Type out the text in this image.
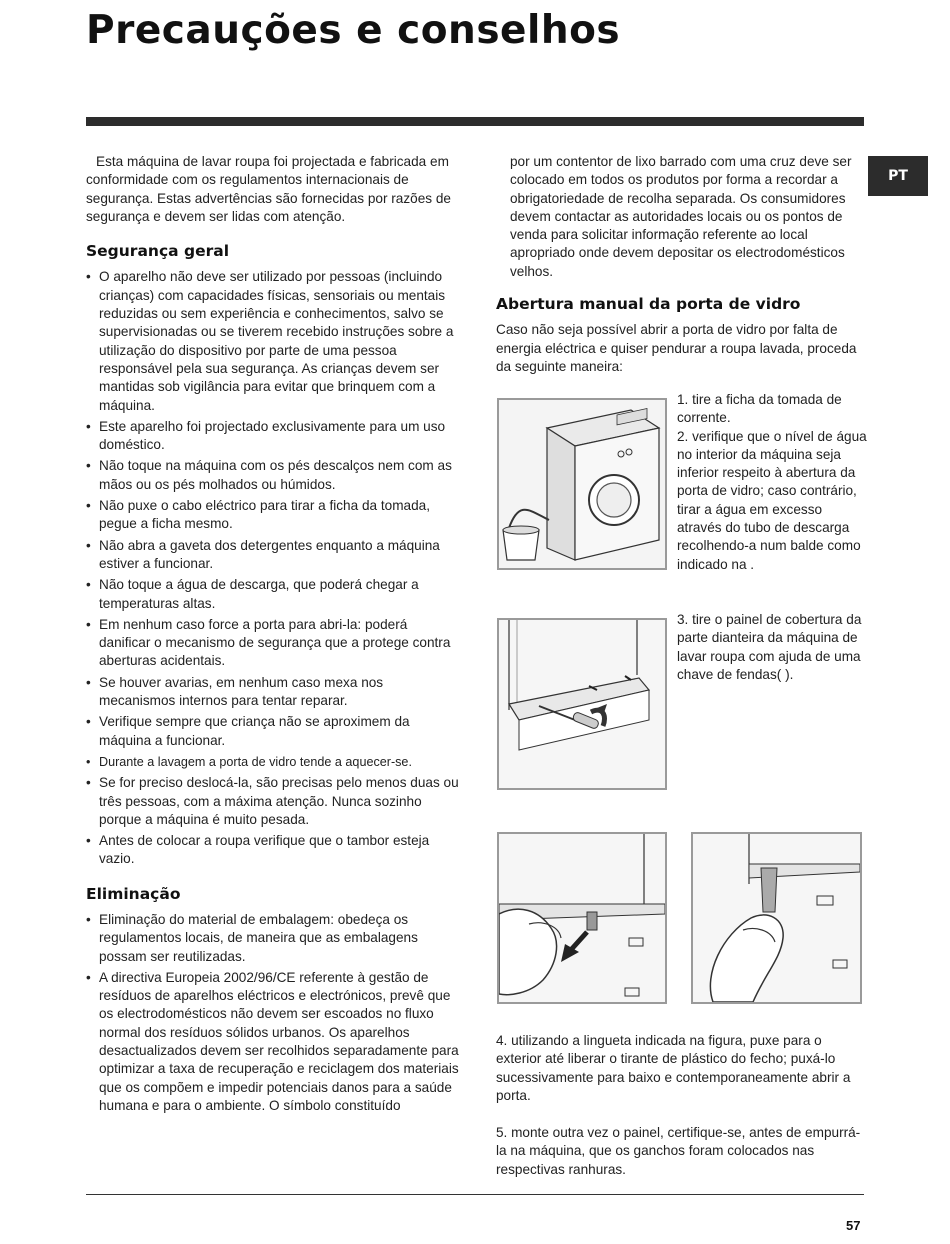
Precauções e conselhos
PT

Esta máquina de lavar roupa foi projectada e fabricada em conformidade com os regulamentos internacionais de segurança. Estas advertências são fornecidas por razões de segurança e devem ser lidas com atenção.

Segurança geral
• O aparelho não deve ser utilizado por pessoas (incluindo crianças) com capacidades físicas, sensoriais ou mentais reduzidas ou sem experiência e conhecimentos, salvo se supervisionadas ou se tiverem recebido instruções sobre a utilização do dispositivo por parte de uma pessoa responsável pela sua segurança. As crianças devem ser mantidas sob vigilância para evitar que brinquem com a máquina.
• Este aparelho foi projectado exclusivamente para um uso doméstico.
• Não toque na máquina com os pés descalços nem com as mãos ou os pés molhados ou húmidos.
• Não puxe o cabo eléctrico para tirar a ficha da tomada, pegue a ficha mesmo.
• Não abra a gaveta dos detergentes enquanto a máquina estiver a funcionar.
• Não toque a água de descarga, que poderá chegar a temperaturas altas.
• Em nenhum caso force a porta para abri-la: poderá danificar o mecanismo de segurança que a protege contra aberturas acidentais.
• Se houver avarias, em nenhum caso mexa nos mecanismos internos para tentar reparar.
• Verifique sempre que criança não se aproximem da máquina a funcionar.
• Durante a lavagem a porta de vidro tende a aquecer-se.
• Se for preciso deslocá-la, são precisas pelo menos duas ou três pessoas, com a máxima atenção. Nunca sozinho porque a máquina é muito pesada.
• Antes de colocar a roupa verifique que o tambor esteja vazio.
Eliminação
• Eliminação do material de embalagem: obedeça os regulamentos locais, de maneira que as embalagens possam ser reutilizadas.
• A directiva Europeia 2002/96/CE referente à gestão de resíduos de aparelhos eléctricos e electrónicos, prevê que os electrodomésticos não devem ser escoados no fluxo normal dos resíduos sólidos urbanos. Os aparelhos desactualizados devem ser recolhidos separadamente para optimizar a taxa de recuperação e reciclagem dos materiais que os compõem e impedir potenciais danos para a saúde humana e para o ambiente. O símbolo constituído

por um contentor de lixo barrado com uma cruz deve ser colocado em todos os produtos por forma a recordar a obrigatoriedade de recolha separada. Os consumidores devem contactar as autoridades locais ou os pontos de venda para solicitar informação referente ao local apropriado onde devem depositar os electrodomésticos velhos.

Abertura manual da porta de vidro

Caso não seja possível abrir a porta de vidro por falta de energia eléctrica e quiser pendurar a roupa lavada, proceda da seguinte maneira:

1. tire a ficha da tomada de corrente.

2. verifique que o nível de água no interior da máquina seja inferior respeito à abertura da porta de vidro; caso contrário, tirar a água em excesso através do tubo de descarga recolhendo-a num balde como indicado na .

3. tire o painel de cobertura da parte dianteira da máquina de lavar roupa com ajuda de uma chave de fendas( ).

4. utilizando a lingueta indicada na figura, puxe para o exterior até liberar o tirante de plástico do fecho; puxá-lo sucessivamente para baixo e contemporaneamente abrir a porta.

5. monte outra vez o painel, certifique-se, antes de empurrá-la na máquina, que os ganchos foram colocados nas respectivas ranhuras.

57
